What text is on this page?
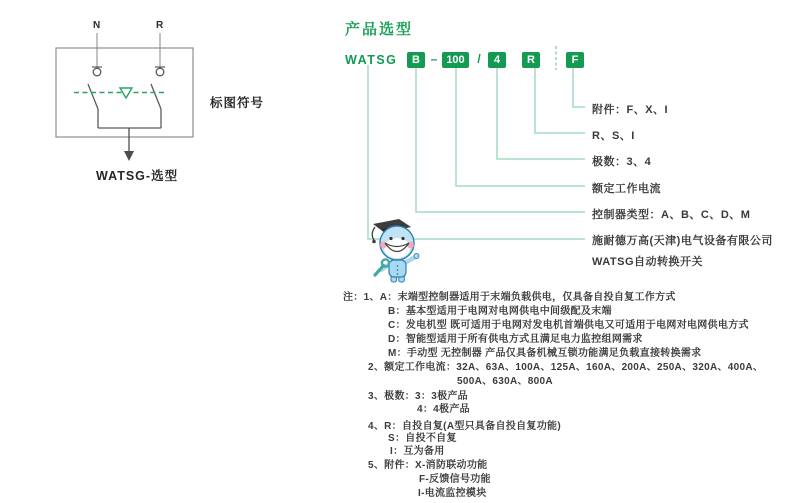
N	R
标图符号
WATSG-选型
产品选型
WATSG	B – 100	/	4	R	F
附件：F、X、I
R、S、I
极数：3、4
额定工作电流
控制器类型：A、B、C、D、M
施耐德万高(天津)电气设备有限公司
WATSG自动转换开关
注：1、A：末端型控制器适用于末端负载供电，仅具备自投自复工作方式
B：基本型适用于电网对电网供电中间级配及末端
C：发电机型 既可适用于电网对发电机首端供电又可适用于电网对电网供电方式
D：智能型适用于所有供电方式且满足电力监控组网需求
M：手动型 无控制器 产品仅具备机械互锁功能满足负载直接转换需求
2、额定工作电流：32A、63A、100A、125A、160A、200A、250A、320A、400A、
500A、630A、800A
3、极数：3：3极产品
4：4极产品
4、R：自投自复(A型只具备自投自复功能)
S：自投不自复
I：互为备用
5、附件：X-消防联动功能
F-反馈信号功能
I-电流监控模块
